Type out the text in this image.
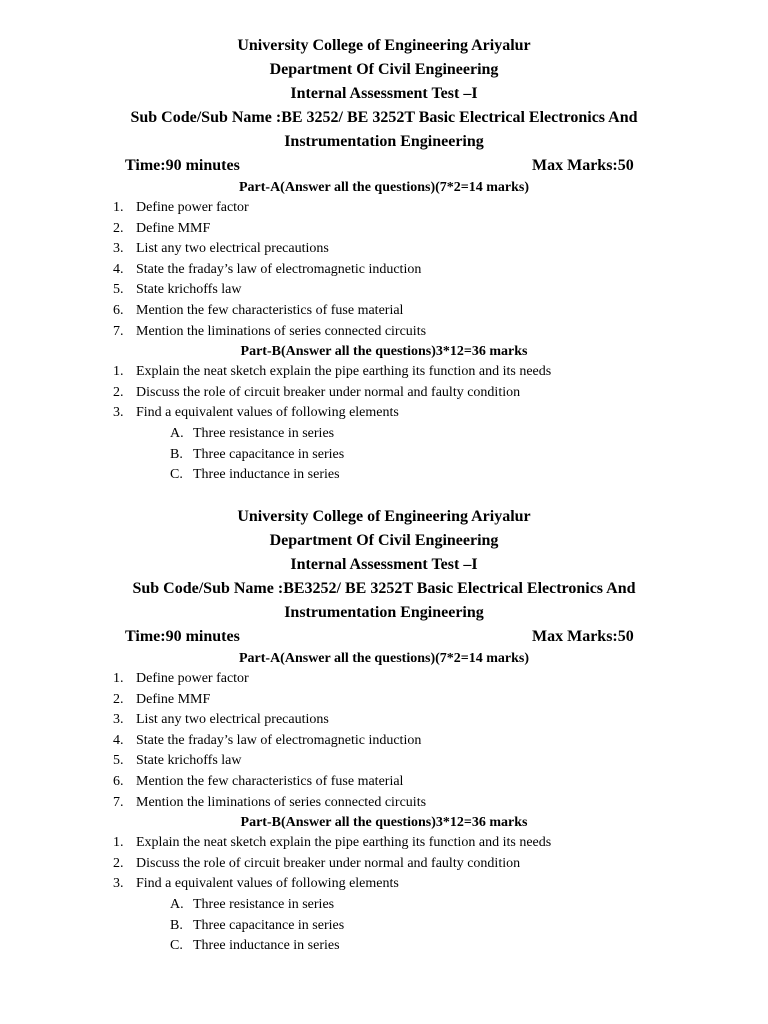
University College of Engineering Ariyalur
Department Of Civil Engineering
Internal Assessment Test –I
Sub Code/Sub Name :BE 3252/ BE 3252T Basic Electrical Electronics And
Instrumentation Engineering
Time:90 minutes	Max Marks:50
Part-A(Answer all the questions)(7*2=14 marks)
1. Define power factor
2. Define MMF
3. List any two electrical precautions
4. State the fraday’s law of electromagnetic induction
5. State krichoffs law
6. Mention the few characteristics of fuse material
7. Mention the liminations of series connected circuits
Part-B(Answer all the questions)3*12=36 marks
1. Explain the neat sketch explain the pipe earthing its function and its needs
2. Discuss the role of circuit breaker under normal and faulty condition
3. Find a equivalent values of following elements
A. Three resistance in series
B. Three capacitance in series
C. Three inductance in series
University College of Engineering Ariyalur
Department Of Civil Engineering
Internal Assessment Test –I
Sub Code/Sub Name :BE3252/ BE 3252T Basic Electrical Electronics And
Instrumentation Engineering
Time:90 minutes	Max Marks:50
Part-A(Answer all the questions)(7*2=14 marks)
1. Define power factor
2. Define MMF
3. List any two electrical precautions
4. State the fraday’s law of electromagnetic induction
5. State krichoffs law
6. Mention the few characteristics of fuse material
7. Mention the liminations of series connected circuits
Part-B(Answer all the questions)3*12=36 marks
1. Explain the neat sketch explain the pipe earthing its function and its needs
2. Discuss the role of circuit breaker under normal and faulty condition
3. Find a equivalent values of following elements
A. Three resistance in series
B. Three capacitance in series
C. Three inductance in series
